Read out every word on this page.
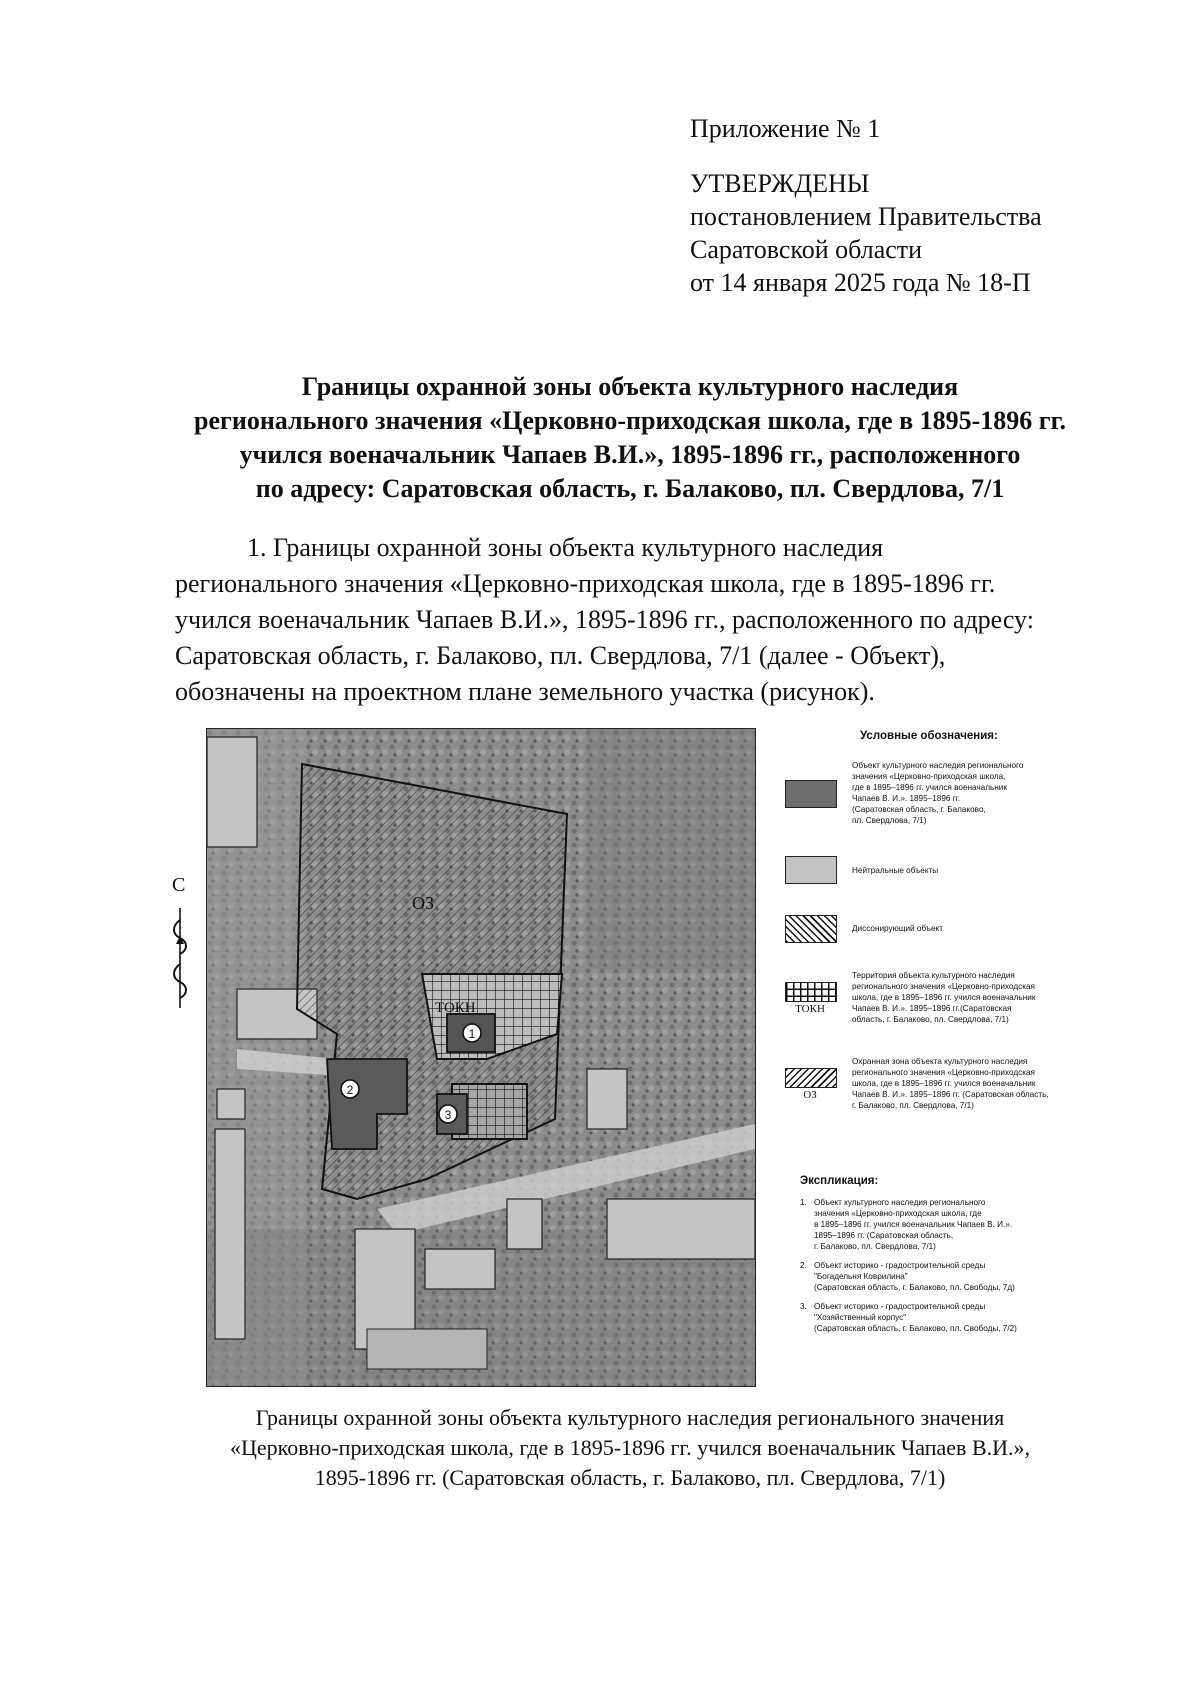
Приложение № 1
УТВЕРЖДЕНЫ
постановлением Правительства
Саратовской области
от 14 января 2025 года № 18-П
Границы охранной зоны объекта культурного наследия
регионального значения «Церковно-приходская школа, где в 1895-1896 гг.
учился военачальник Чапаев В.И.», 1895-1896 гг., расположенного
по адресу: Саратовская область, г. Балаково, пл. Свердлова, 7/1
1. Границы охранной зоны объекта культурного наследия
регионального значения «Церковно-приходская школа, где в 1895-1896 гг.
учился военачальник Чапаев В.И.», 1895-1896 гг., расположенного по адресу:
Саратовская область, г. Балаково, пл. Свердлова, 7/1 (далее - Объект),
обозначены на проектном плане земельного участка (рисунок).
С
ОЗ
ТОКН
1
2
3
Условные обозначения:
Объект культурного наследия регионального
значения «Церковно-приходская школа,
где в 1895–1896 гг. учился военачальник
Чапаев В. И.». 1895–1896 гг.
(Саратовская область, г. Балаково,
пл. Свердлова, 7/1)
Нейтральные объекты
Диссонирующий объект
ТОКН
Территория объекта культурного наследия
регионального значения «Церковно-приходская
школа, где в 1895–1896 гг. учился военачальник
Чапаев В. И.». 1895–1896 гг.(Саратовская
область, г. Балаково, пл. Свердлова, 7/1)
ОЗ
Охранная зона объекта культурного наследия
регионального значения «Церковно-приходская
школа, где в 1895–1896 гг. учился военачальник
Чапаев В. И.». 1895–1896 гг. (Саратовская область,
г. Балаково, пл. Свердлова, 7/1)
Экспликация:
1. Объект культурного наследия регионального
значения «Церковно-приходская школа, где
в 1895–1896 гг. учился военачальник Чапаев В. И.».
1895–1896 гг. (Саратовская область,
г. Балаково, пл. Свердлова, 7/1)
2. Объект историко - градостроительной среды
"Богадельня Коврилина"
(Саратовская область, г. Балаково, пл. Свободы, 7д)
3. Объект историко - градостроительной среды
"Хозяйственный корпус"
(Саратовская область, г. Балаково, пл. Свободы, 7/2)
Границы охранной зоны объекта культурного наследия регионального значения
«Церковно-приходская школа, где в 1895-1896 гг. учился военачальник Чапаев В.И.»,
1895-1896 гг. (Саратовская область, г. Балаково, пл. Свердлова, 7/1)
